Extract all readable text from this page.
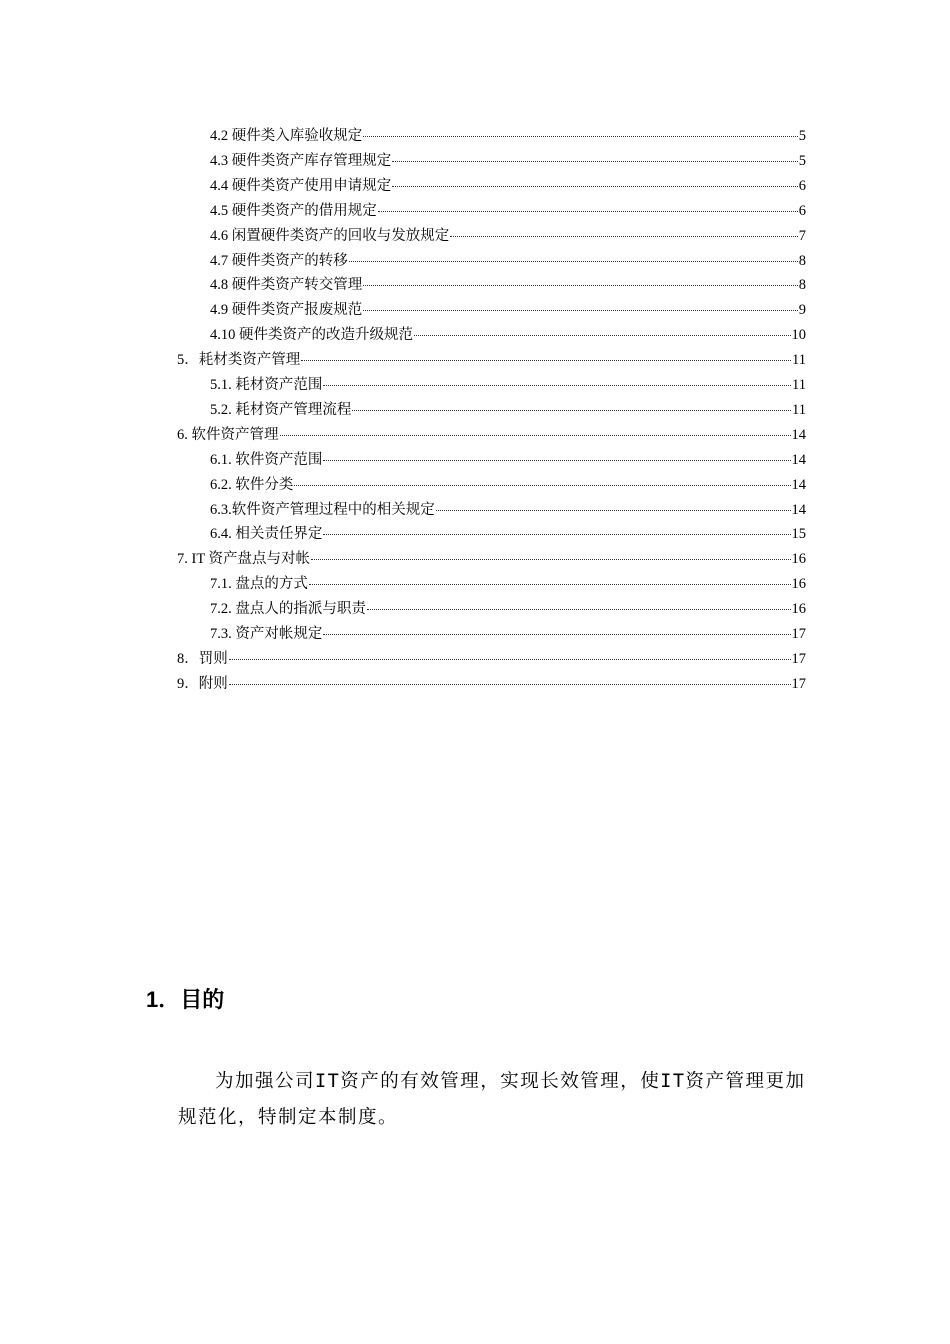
4.2 硬件类入库验收规定	5
4.3 硬件类资产库存管理规定	5
4.4 硬件类资产使用申请规定	6
4.5 硬件类资产的借用规定	6
4.6 闲置硬件类资产的回收与发放规定	7
4.7 硬件类资产的转移	8
4.8 硬件类资产转交管理	8
4.9 硬件类资产报废规范	9
4.10 硬件类资产的改造升级规范	10
5．耗材类资产管理	11
5.1. 耗材资产范围	11
5.2. 耗材资产管理流程	11
6. 软件资产管理	14
6.1. 软件资产范围	14
6.2. 软件分类	14
6.3.软件资产管理过程中的相关规定	14
6.4. 相关责任界定	15
7. IT 资产盘点与对帐	16
7.1. 盘点的方式	16
7.2. 盘点人的指派与职责	16
7.3. 资产对帐规定	17
8．罚则	17
9．附则	17
1．目的
为加强公司IT资产的有效管理，实现长效管理，使IT资产管理更加规范化，特制定本制度。
